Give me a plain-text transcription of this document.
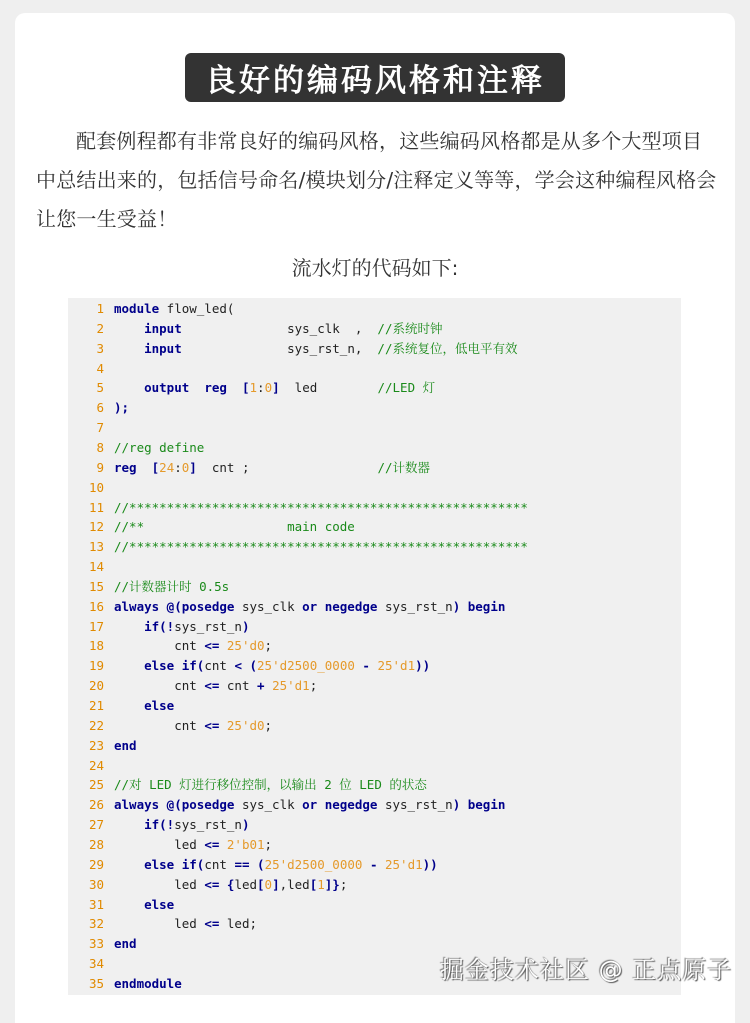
良好的编码风格和注释

配套例程都有非常良好的编码风格，这些编码风格都是从多个大型项目中总结出来的，包括信号命名/模块划分/注释定义等等，学会这种编程风格会让您一生受益！

流水灯的代码如下:
1 module flow_led(
2	input              sys_clk  ,  //系统时钟
3	input              sys_rst_n,  //系统复位，低电平有效
4
5	output reg [1:0]  led        //LED 灯
6 );
7
8 //reg define
9 reg [24:0]  cnt ;                 //计数器
10
11 //*****************************************************
12 //**                   main code
13 //*****************************************************
14
15 //计数器计时 0.5s
16 always @(posedge sys_clk or negedge sys_rst_n) begin
17	if(!sys_rst_n)
18 cnt <= 25'd0;
19	else if(cnt < (25'd2500_0000 - 25'd1))
20 cnt <= cnt + 25'd1;
21	else
22 cnt <= 25'd0;
23 end
24
25 //对 LED 灯进行移位控制，以输出 2 位 LED 的状态
26 always @(posedge sys_clk or negedge sys_rst_n) begin
27	if(!sys_rst_n)
28 led <= 2'b01;
29	else if(cnt == (25'd2500_0000 - 25'd1))
30 led <= {led[0],led[1]};
31	else
32 led <= led;
33 end
34
35 endmodule	掘金技术社区 @ 正点原子
